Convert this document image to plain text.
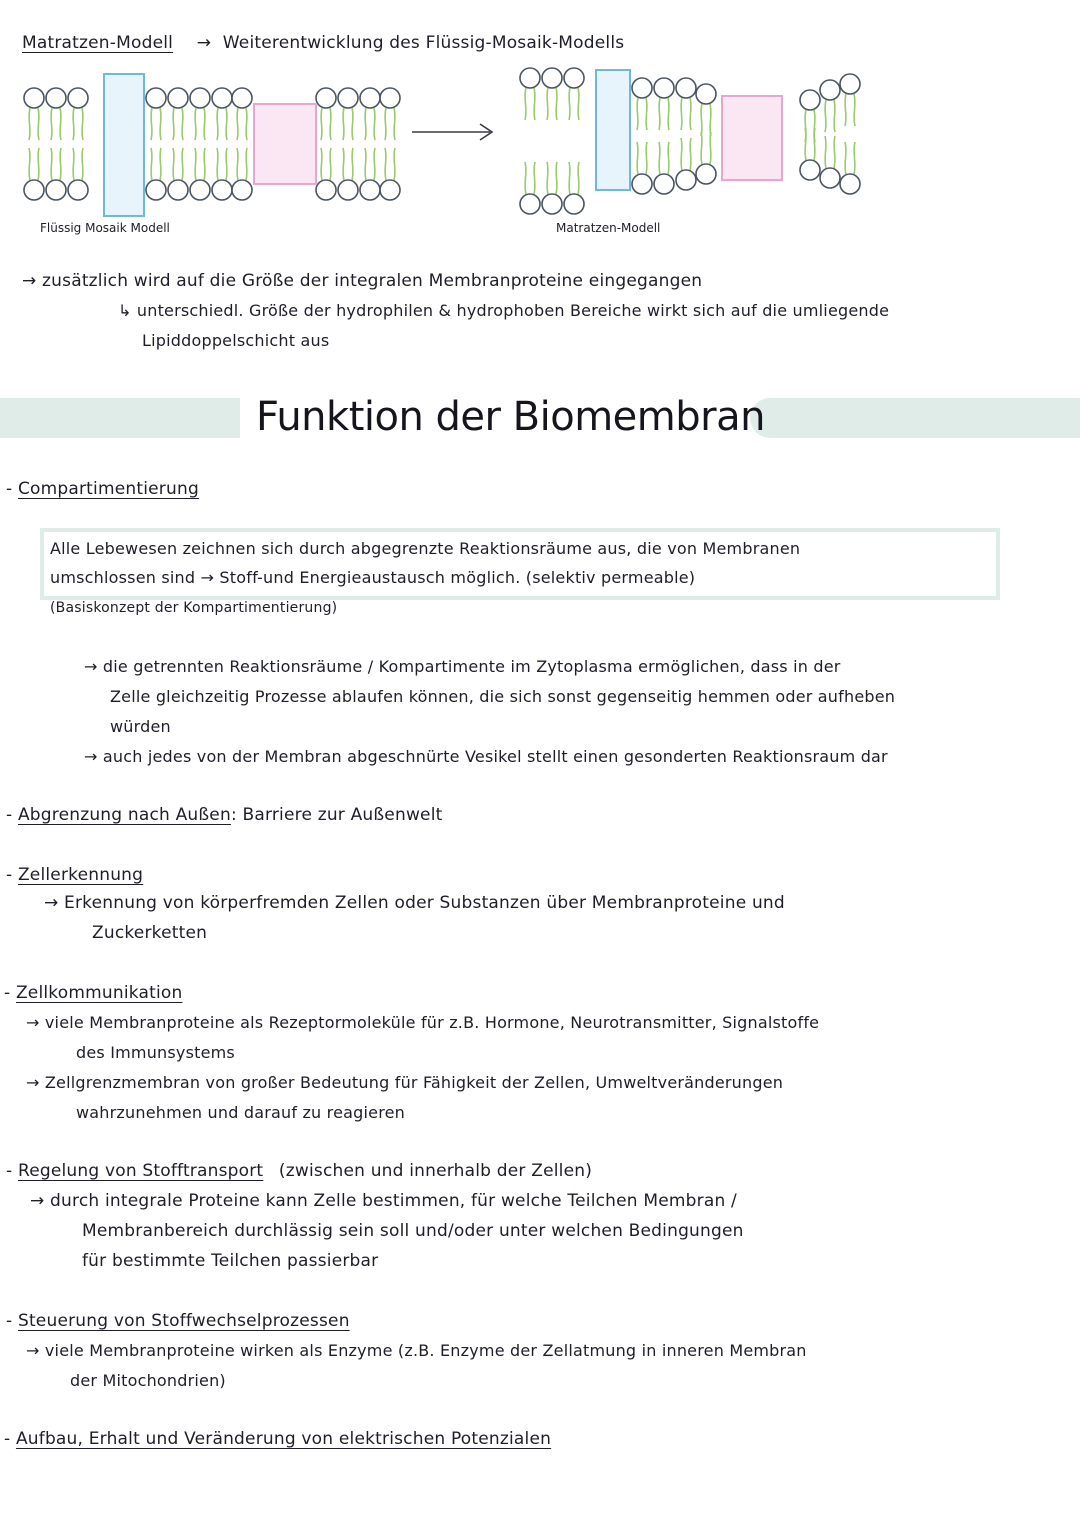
Matratzen-Modell → Weiterentwicklung des Flüssig-Mosaik-Modells
Flüssig Mosaik Modell	Matratzen-Modell
→ zusätzlich wird auf die Größe der integralen Membranproteine eingegangen
↳ unterschiedl. Größe der hydrophilen & hydrophoben Bereiche wirkt sich auf die umliegende
Lipiddoppelschicht aus
Funktion der Biomembran
- Compartimentierung
Alle Lebewesen zeichnen sich durch abgegrenzte Reaktionsräume aus, die von Membranen
umschlossen sind → Stoff-und Energieaustausch möglich. (selektiv permeable)
(Basiskonzept der Kompartimentierung)
→ die getrennten Reaktionsräume / Kompartimente im Zytoplasma ermöglichen, dass in der
Zelle gleichzeitig Prozesse ablaufen können, die sich sonst gegenseitig hemmen oder aufheben
würden
→ auch jedes von der Membran abgeschnürte Vesikel stellt einen gesonderten Reaktionsraum dar
- Abgrenzung nach Außen: Barriere zur Außenwelt
- Zellerkennung
→ Erkennung von körperfremden Zellen oder Substanzen über Membranproteine und
Zuckerketten
- Zellkommunikation
→ viele Membranproteine als Rezeptormoleküle für z.B. Hormone, Neurotransmitter, Signalstoffe
des Immunsystems
→ Zellgrenzmembran von großer Bedeutung für Fähigkeit der Zellen, Umweltveränderungen
wahrzunehmen und darauf zu reagieren
- Regelung von Stofftransport (zwischen und innerhalb der Zellen)
→ durch integrale Proteine kann Zelle bestimmen, für welche Teilchen Membran /
Membranbereich durchlässig sein soll und/oder unter welchen Bedingungen
für bestimmte Teilchen passierbar
- Steuerung von Stoffwechselprozessen
→ viele Membranproteine wirken als Enzyme (z.B. Enzyme der Zellatmung in inneren Membran
der Mitochondrien)
- Aufbau, Erhalt und Veränderung von elektrischen Potenzialen
